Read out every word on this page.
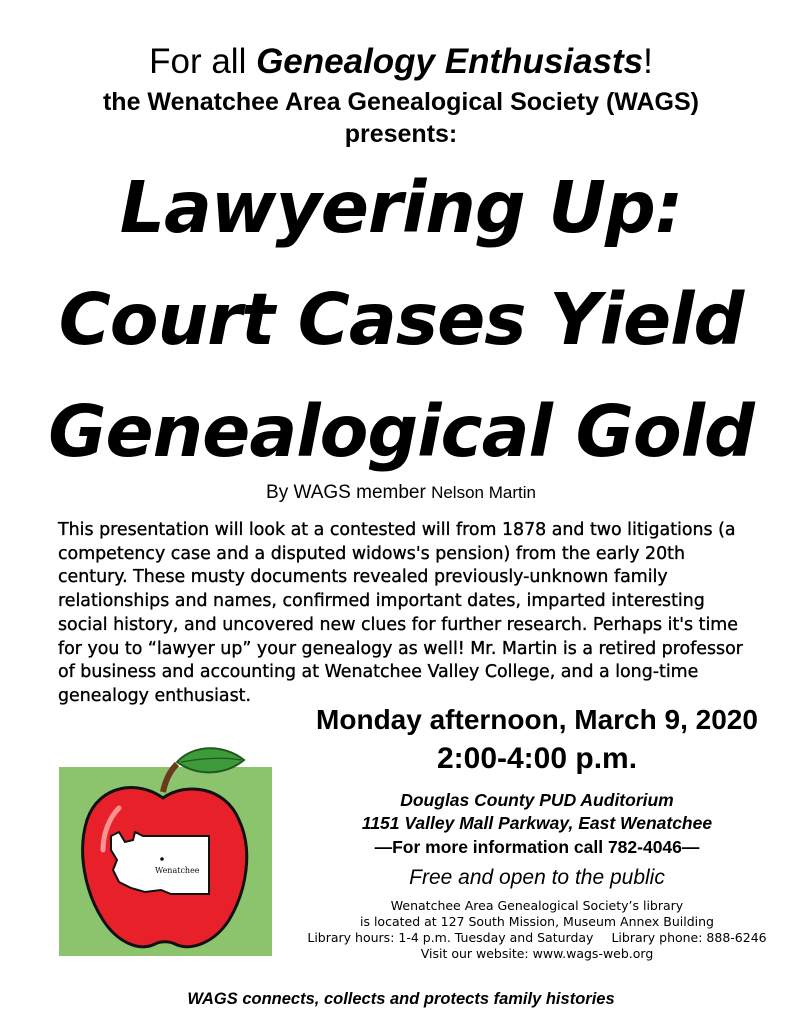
For all Genealogy Enthusiasts!
the Wenatchee Area Genealogical Society (WAGS)
presents:
Lawyering Up:
Court Cases Yield
Genealogical Gold
By WAGS member Nelson Martin
This presentation will look at a contested will from 1878 and two litigations (a competency case and a disputed widows's pension) from the early 20th century. These musty documents revealed previously-unknown family relationships and names, confirmed important dates, imparted interesting social history, and uncovered new clues for further research. Perhaps it's time for you to “lawyer up” your genealogy as well! Mr. Martin is a retired professor of business and accounting at Wenatchee Valley College, and a long-time genealogy enthusiast.
Wenatchee
Monday afternoon, March 9, 2020
2:00-4:00 p.m.
Douglas County PUD Auditorium
1151 Valley Mall Parkway, East Wenatchee
—For more information call 782-4046—
Free and open to the public
Wenatchee Area Genealogical Society’s library
is located at 127 South Mission, Museum Annex Building
Library hours: 1-4 p.m. Tuesday and Saturday Library phone: 888-6246
Visit our website: www.wags-web.org
WAGS connects, collects and protects family histories
